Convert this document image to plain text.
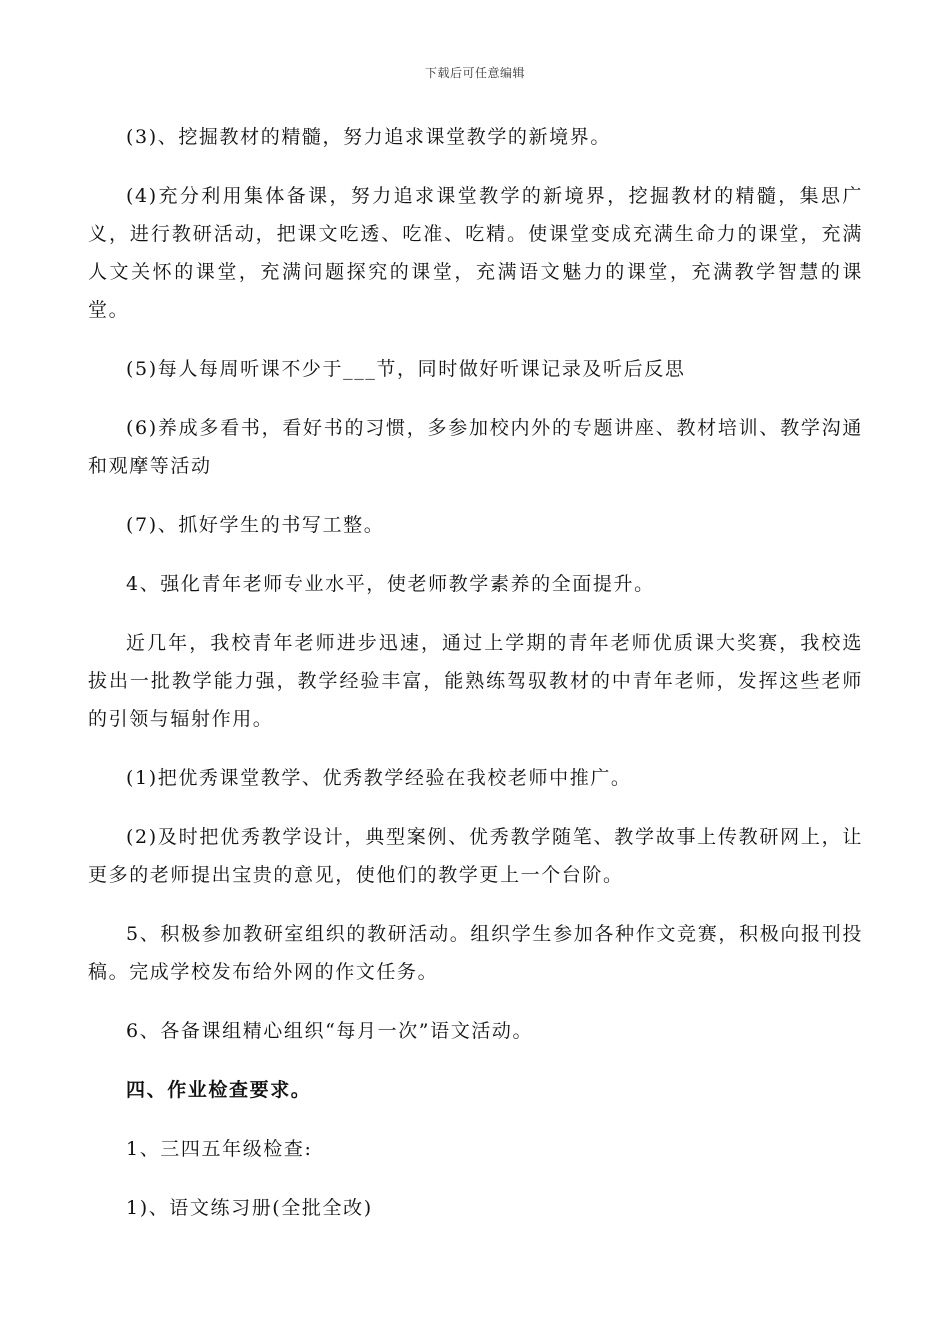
下载后可任意编辑

(3)、挖掘教材的精髓，努力追求课堂教学的新境界。

(4)充分利用集体备课，努力追求课堂教学的新境界，挖掘教材的精髓，集思广义，进行教研活动，把课文吃透、吃准、吃精。使课堂变成充满生命力的课堂，充满人文关怀的课堂，充满问题探究的课堂，充满语文魅力的课堂，充满教学智慧的课堂。

(5)每人每周听课不少于___节，同时做好听课记录及听后反思

(6)养成多看书，看好书的习惯，多参加校内外的专题讲座、教材培训、教学沟通和观摩等活动

(7)、抓好学生的书写工整。

4、强化青年老师专业水平，使老师教学素养的全面提升。

近几年，我校青年老师进步迅速，通过上学期的青年老师优质课大奖赛，我校选拔出一批教学能力强，教学经验丰富，能熟练驾驭教材的中青年老师，发挥这些老师的引领与辐射作用。

(1)把优秀课堂教学、优秀教学经验在我校老师中推广。

(2)及时把优秀教学设计，典型案例、优秀教学随笔、教学故事上传教研网上，让更多的老师提出宝贵的意见，使他们的教学更上一个台阶。

5、积极参加教研室组织的教研活动。组织学生参加各种作文竞赛，积极向报刊投稿。完成学校发布给外网的作文任务。

6、各备课组精心组织“每月一次”语文活动。

四、作业检查要求。

1、三四五年级检查:

1)、语文练习册(全批全改)
